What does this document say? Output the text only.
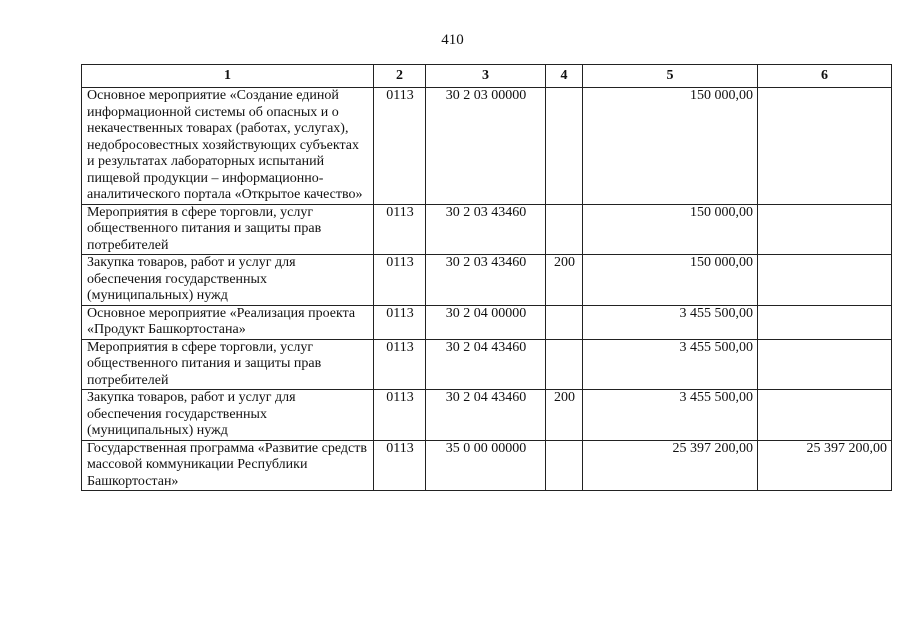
410
1	2	3	4	5	6
Основное мероприятие «Создание единой информационной системы об опасных и о некачественных товарах (работах, услугах), недобросовестных хозяйствующих субъектах и результатах лабораторных испытаний пищевой продукции – информационно-аналитического портала «Открытое качество»	0113	30 2 03 00000		150 000,00	
Мероприятия в сфере торговли, услуг общественного питания и защиты прав потребителей	0113	30 2 03 43460		150 000,00	
Закупка товаров, работ и услуг для обеспечения государственных (муниципальных) нужд	0113	30 2 03 43460	200	150 000,00	
Основное мероприятие «Реализация проекта «Продукт Башкортостана»	0113	30 2 04 00000		3 455 500,00	
Мероприятия в сфере торговли, услуг общественного питания и защиты прав потребителей	0113	30 2 04 43460		3 455 500,00	
Закупка товаров, работ и услуг для обеспечения государственных (муниципальных) нужд	0113	30 2 04 43460	200	3 455 500,00	
Государственная программа «Развитие средств массовой коммуникации Республики Башкортостан»	0113	35 0 00 00000		25 397 200,00	25 397 200,00
